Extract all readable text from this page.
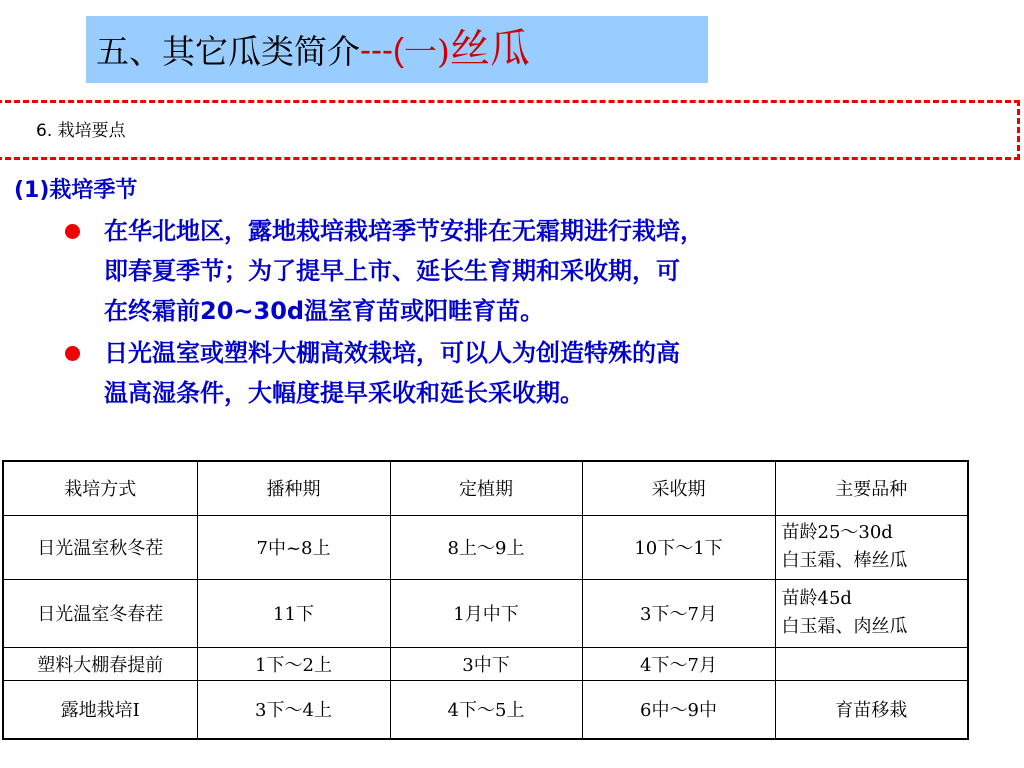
五、其它瓜类简介 ---( 一) 丝瓜
6. 栽培要点
(1)栽培季节
在华北地区，露地栽培栽培季节安排在无霜期进行栽培，
即春夏季节；为了提早上市、延长生育期和采收期，可
在终霜前20~30d温室育苗或阳畦育苗。
日光温室或塑料大棚高效栽培，可以人为创造特殊的高
温高湿条件，大幅度提早采收和延长采收期。
栽培方式	播种期	定植期	采收期	主要品种
日光温室秋冬茬	7中~8上	8上～9上	10下～1下	苗龄25～30d
白玉霜、棒丝瓜

日光温室冬春茬	11下	1月中下	3下～7月	苗龄45d
白玉霜、肉丝瓜

塑料大棚春提前	1下～2上	3中下	4下～7月	
露地栽培Ⅰ	3下～4上	4下～5上	6中～9中	育苗移栽
